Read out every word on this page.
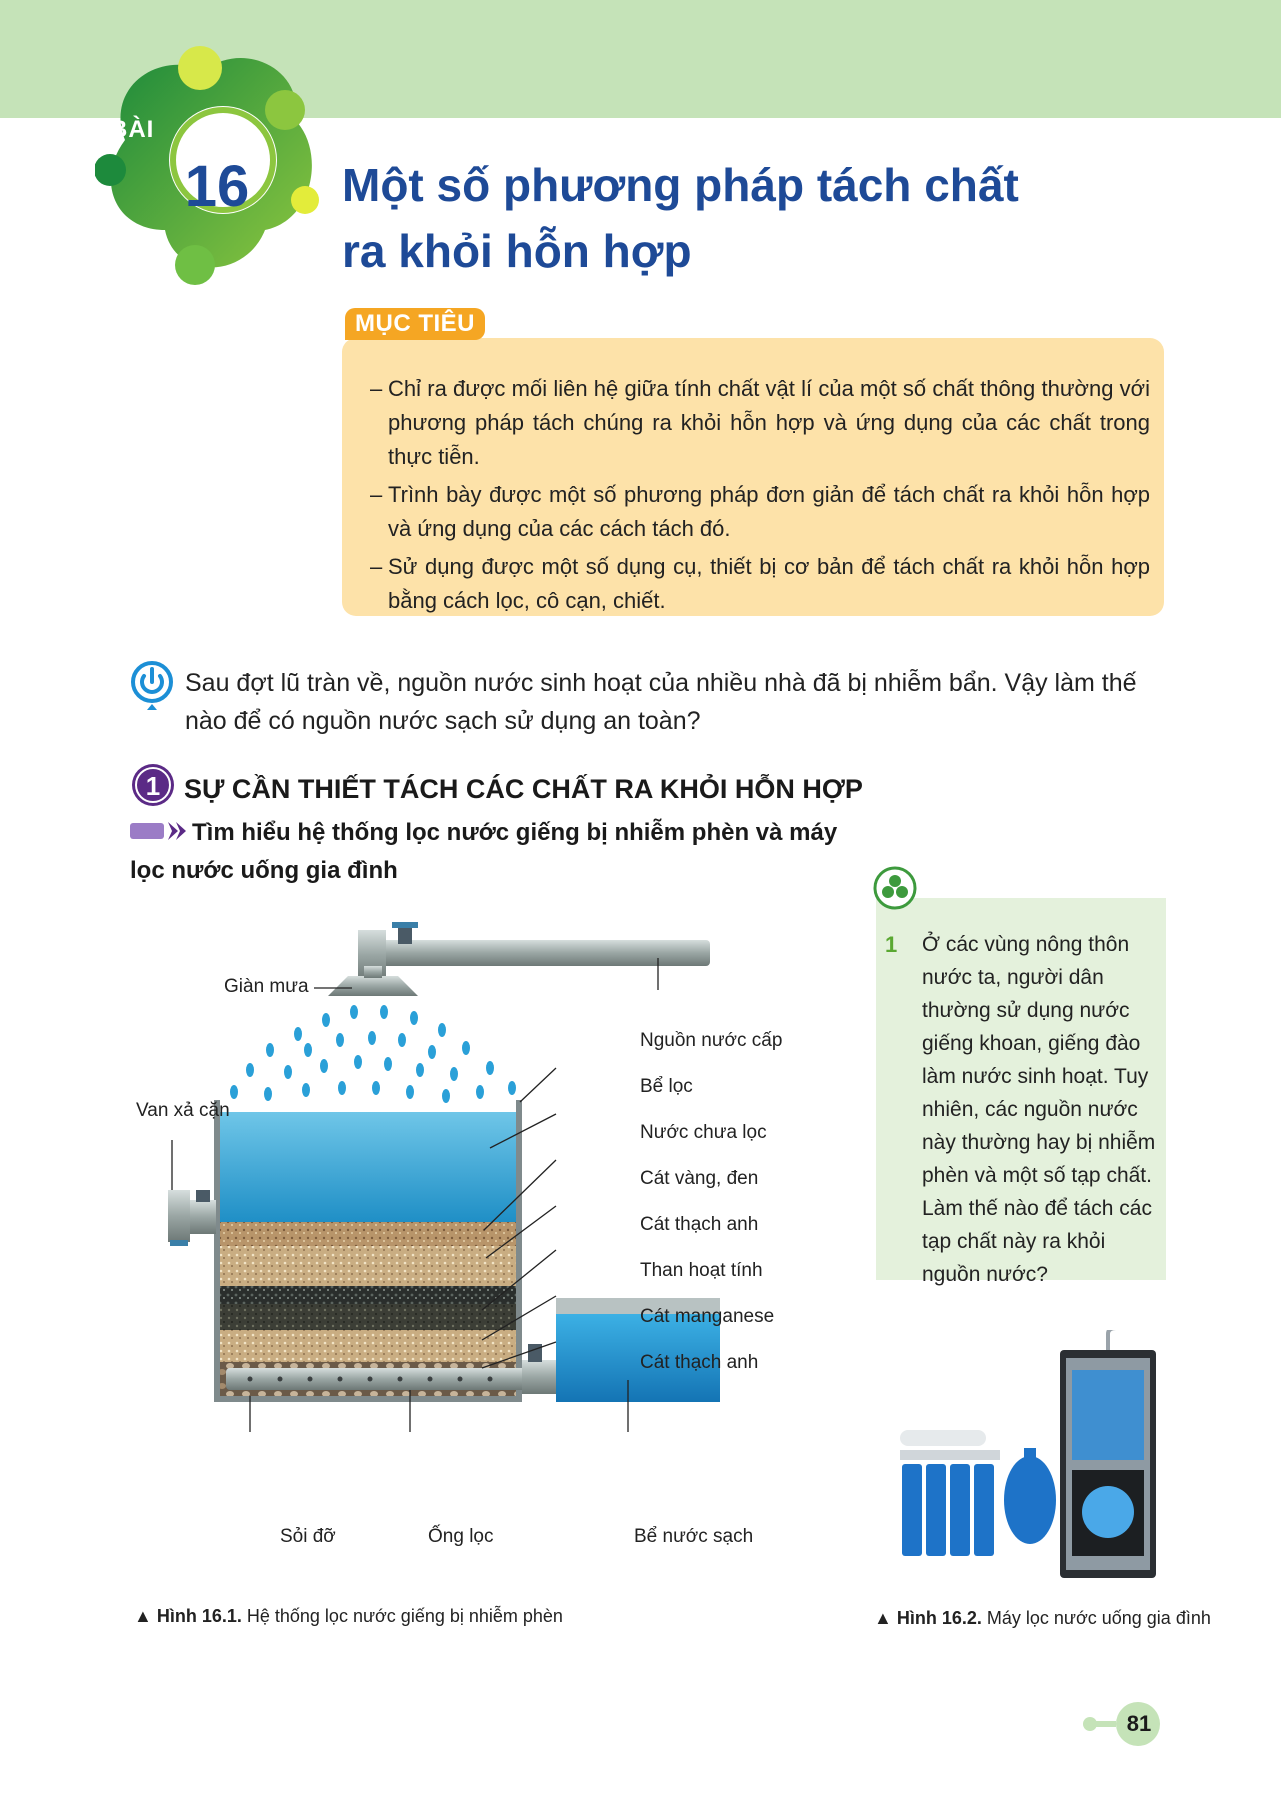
BÀI
16 Một số phương pháp tách chất
ra khỏi hỗn hợp
MỤC TIÊU
– Chỉ ra được mối liên hệ giữa tính chất vật lí của một số chất thông thường với phương pháp tách chúng ra khỏi hỗn hợp và ứng dụng của các chất trong thực tiễn.
– Trình bày được một số phương pháp đơn giản để tách chất ra khỏi hỗn hợp và ứng dụng của các cách tách đó.
– Sử dụng được một số dụng cụ, thiết bị cơ bản để tách chất ra khỏi hỗn hợp bằng cách lọc, cô cạn, chiết.
Sau đợt lũ tràn về, nguồn nước sinh hoạt của nhiều nhà đã bị nhiễm bẩn. Vậy làm thế nào để có nguồn nước sạch sử dụng an toàn?
1 SỰ CẦN THIẾT TÁCH CÁC CHẤT RA KHỎI HỖN HỢP
Tìm hiểu hệ thống lọc nước giếng bị nhiễm phèn và máy lọc nước uống gia đình
Giàn mưa
Van xả cặn
Nguồn nước cấp
Bể lọc
Nước chưa lọc
Cát vàng, đen
Cát thạch anh
Than hoạt tính
Cát manganese
Cát thạch anh
Sỏi đỡ	Ống lọc	Bể nước sạch
1 Ở các vùng nông thôn nước ta, người dân thường sử dụng nước giếng khoan, giếng đào làm nước sinh hoạt. Tuy nhiên, các nguồn nước này thường hay bị nhiễm phèn và một số tạp chất. Làm thế nào để tách các tạp chất này ra khỏi nguồn nước?
▲ Hình 16.1. Hệ thống lọc nước giếng bị nhiễm phèn	▲ Hình 16.2. Máy lọc nước uống gia đình
81
